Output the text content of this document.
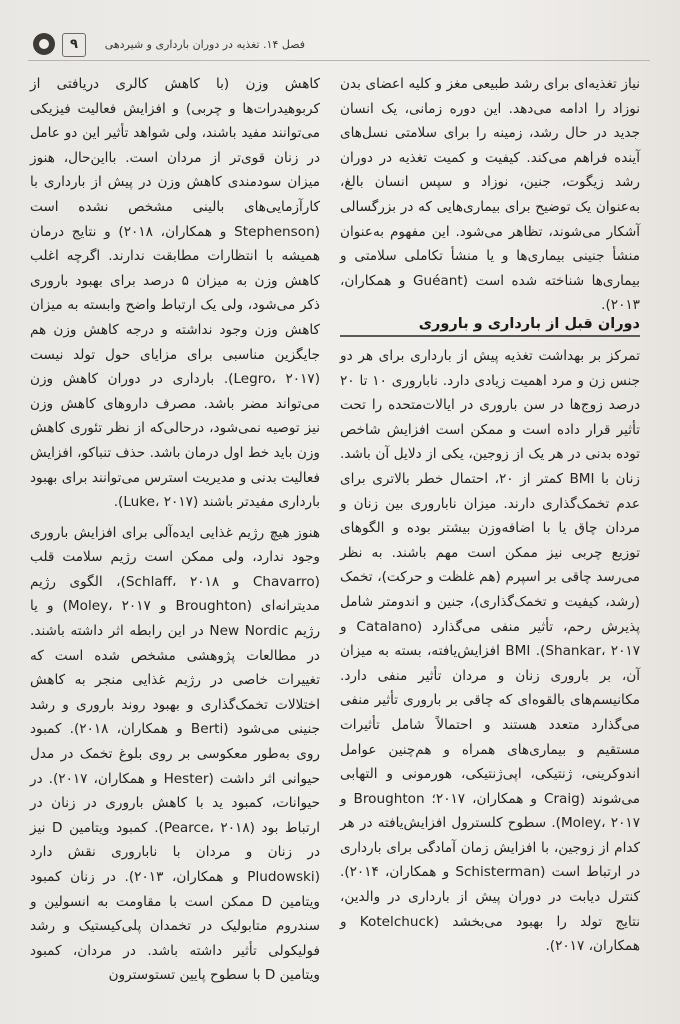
فصل ۱۴. تغذیه در دوران بارداری و شیردهی
۹

نیاز تغذیه‌ای برای رشد طبیعی مغز و کلیه اعضای بدن نوزاد را ادامه می‌دهد. این دوره زمانی، یک انسان جدید در حال رشد، زمینه را برای سلامتی نسل‌های آینده فراهم می‌کند. کیفیت و کمیت تغذیه در دوران رشد زیگوت، جنین، نوزاد و سپس انسان بالغ، به‌عنوان یک توضیح برای بیماری‌هایی که در بزرگسالی آشکار می‌شوند، تظاهر می‌شود. این مفهوم به‌عنوان منشأ جنینی بیماری‌ها و یا منشأ تکاملی سلامتی و بیماری‌ها شناخته شده است (Guéant و همکاران، ۲۰۱۳).

دوران قبل از بارداری و باروری

تمرکز بر بهداشت تغذیه پیش از بارداری برای هر دو جنس زن و مرد اهمیت زیادی دارد. ناباروری ۱۰ تا ۲۰ درصد زوج‌ها در سن باروری در ایالات‌متحده را تحت تأثیر قرار داده است و ممکن است افزایش شاخص توده بدنی در هر یک از زوجین، یکی از دلایل آن باشد. زنان با BMI کمتر از ۲۰، احتمال خطر بالاتری برای عدم تخمک‌گذاری دارند. میزان ناباروری بین زنان و مردان چاق یا با اضافه‌وزن بیشتر بوده و الگوهای توزیع چربی نیز ممکن است مهم باشند. به نظر می‌رسد چاقی بر اسپرم (هم غلظت و حرکت)، تخمک (رشد، کیفیت و تخمک‌گذاری)، جنین و اندومتر شامل پذیرش رحم، تأثیر منفی می‌گذارد (Catalano و Shankar، ۲۰۱۷). BMI افزایش‌یافته، بسته به میزان آن، بر باروری زنان و مردان تأثیر منفی دارد. مکانیسم‌های بالقوه‌ای که چاقی بر باروری تأثیر منفی می‌گذارد متعدد هستند و احتمالاً شامل تأثیرات مستقیم و بیماری‌های همراه و هم‌چنین عوامل اندوکرینی، ژنتیکی، اپی‌ژنتیکی، هورمونی و التهابی می‌شوند (Craig و همکاران، ۲۰۱۷؛ Broughton و Moley، ۲۰۱۷). سطوح کلسترول افزایش‌یافته در هر کدام از زوجین، با افزایش زمان آمادگی برای بارداری در ارتباط است (Schisterman و همکاران، ۲۰۱۴). کنترل دیابت در دوران پیش از بارداری در والدین، نتایج تولد را بهبود می‌بخشد (Kotelchuck و همکاران، ۲۰۱۷).

کاهش وزن (با کاهش کالری دریافتی از کربوهیدرات‌ها و چربی) و افزایش فعالیت فیزیکی می‌توانند مفید باشند، ولی شواهد تأثیر این دو عامل در زنان قوی‌تر از مردان است. بااین‌حال، هنوز میزان سودمندی کاهش وزن در پیش از بارداری با کارآزمایی‌های بالینی مشخص نشده است (Stephenson و همکاران، ۲۰۱۸) و نتایج درمان همیشه با انتظارات مطابقت ندارند. اگرچه اغلب کاهش وزن به میزان ۵ درصد برای بهبود باروری ذکر می‌شود، ولی یک ارتباط واضح وابسته به میزان کاهش وزن وجود نداشته و درجه کاهش وزن هم جایگزین مناسبی برای مزایای حول تولد نیست (Legro، ۲۰۱۷). بارداری در دوران کاهش وزن می‌تواند مضر باشد. مصرف داروهای کاهش وزن نیز توصیه نمی‌شود، درحالی‌که از نظر تئوری کاهش وزن باید خط اول درمان باشد. حذف تنباکو، افزایش فعالیت بدنی و مدیریت استرس می‌توانند برای بهبود بارداری مفیدتر باشند (Luke، ۲۰۱۷).

هنوز هیچ رژیم غذایی ایده‌آلی برای افزایش باروری وجود ندارد، ولی ممکن است رژیم سلامت قلب (Chavarro و Schlaff، ۲۰۱۸)، الگوی رژیم مدیترانه‌ای (Broughton و Moley، ۲۰۱۷) و یا رژیم New Nordic در این رابطه اثر داشته باشند. در مطالعات پژوهشی مشخص شده است که تغییرات خاصی در رژیم غذایی منجر به کاهش اختلالات تخمک‌گذاری و بهبود روند باروری و رشد جنینی می‌شود (Berti و همکاران، ۲۰۱۸). کمبود روی به‌طور معکوسی بر روی بلوغ تخمک در مدل حیوانی اثر داشت (Hester و همکاران، ۲۰۱۷). در حیوانات، کمبود ید با کاهش باروری در زنان در ارتباط بود (Pearce، ۲۰۱۸). کمبود ویتامین D نیز در زنان و مردان با ناباروری نقش دارد (Pludowski و همکاران، ۲۰۱۳). در زنان کمبود ویتامین D ممکن است با مقاومت به انسولین و سندروم متابولیک در تخمدان پلی‌کیستیک و رشد فولیکولی تأثیر داشته باشد. در مردان، کمبود ویتامین D با سطوح پایین تستوسترون
